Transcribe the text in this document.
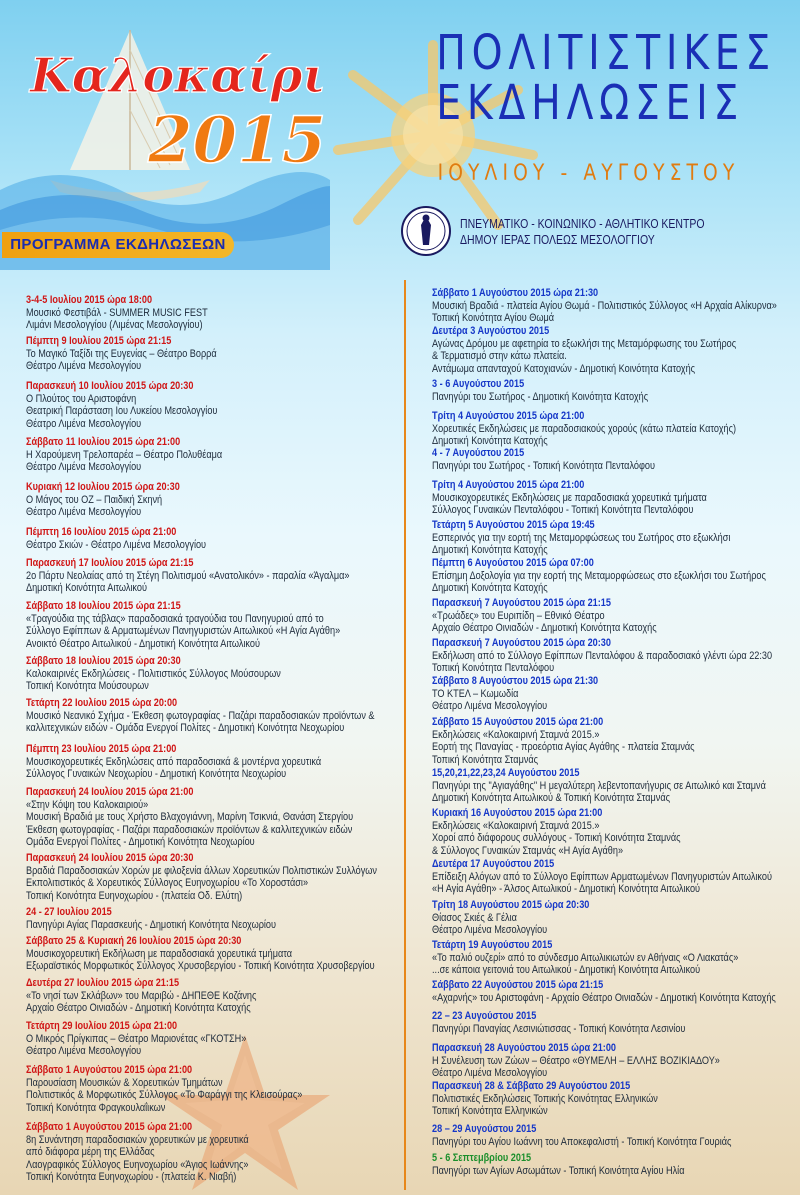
Καλοκαίρι
2015
ΠΟΛΙΤΙΣΤΙΚΕΣ
ΕΚΔΗΛΩΣΕΙΣ
ΙΟΥΛΙΟΥ - ΑΥΓΟΥΣΤΟΥ
ΠΝΕΥΜΑΤΙΚΟ - ΚΟΙΝΩΝΙΚΟ - ΑΘΛΗΤΙΚΟ ΚΕΝΤΡΟ
ΔΗΜΟΥ ΙΕΡΑΣ ΠΟΛΕΩΣ ΜΕΣΟΛΟΓΓΙΟΥ
ΠΡΟΓΡΑΜΜΑ ΕΚΔΗΛΩΣΕΩΝ
3-4-5 Ιουλίου 2015 ώρα 18:00
Μουσικό Φεστιβάλ - SUMMER MUSIC FEST
Λιμάνι Μεσολογγίου (Λιμένας Μεσολογγίου)
Πέμπτη 9 Ιουλίου 2015 ώρα 21:15
Το Μαγικό Ταξίδι της Ευγενίας – Θέατρο Βορρά
Θέατρο Λιμένα Μεσολογγίου
Παρασκευή 10 Ιουλίου 2015 ώρα 20:30
Ο Πλούτος του Αριστοφάνη
Θεατρική Παράσταση Ιου Λυκείου Μεσολογγίου
Θέατρο Λιμένα Μεσολογγίου
Σάββατο 11 Ιουλίου 2015 ώρα 21:00
Η Χαρούμενη Τρελοπαρέα – Θέατρο Πολυθέαμα
Θέατρο Λιμένα Μεσολογγίου
Κυριακή 12 Ιουλίου 2015 ώρα 20:30
Ο Μάγος του ΟΖ – Παιδική Σκηνή
Θέατρο Λιμένα Μεσολογγίου
Πέμπτη 16 Ιουλίου 2015 ώρα 21:00
Θέατρο Σκιών - Θέατρο Λιμένα Μεσολογγίου
Παρασκευή 17 Ιουλίου 2015 ώρα 21:15
2ο Πάρτυ Νεολαίας από τη Στέγη Πολιτισμού «Ανατολικόν» - παραλία «Άγαλμα»
Δημοτική Κοινότητα Αιτωλικού
Σάββατο 18 Ιουλίου 2015 ώρα 21:15
«Τραγούδια της τάβλας» παραδοσιακά τραγούδια του Πανηγυριού από το
Σύλλογο Εφίππων & Αρματωμένων Πανηγυριστών Αιτωλικού «Η Αγία Αγάθη»
Ανοικτό Θέατρο Αιτωλικού - Δημοτική Κοινότητα Αιτωλικού
Σάββατο 18 Ιουλίου 2015 ώρα 20:30
Καλοκαιρινές Εκδηλώσεις - Πολιτιστικός Σύλλογος Μούσουρων
Τοπική Κοινότητα Μούσουρων
Τετάρτη 22 Ιουλίου 2015 ώρα 20:00
Μουσικό Νεανικό Σχήμα - Έκθεση φωτογραφίας - Παζάρι παραδοσιακών προϊόντων &
καλλιτεχνικών ειδών - Ομάδα Ενεργοί Πολίτες - Δημοτική Κοινότητα Νεοχωρίου
Πέμπτη 23 Ιουλίου 2015 ώρα 21:00
Μουσικοχορευτικές Εκδηλώσεις από παραδοσιακά & μοντέρνα χορευτικά
Σύλλογος Γυναικών Νεοχωρίου - Δημοτική Κοινότητα Νεοχωρίου
Παρασκευή 24 Ιουλίου 2015 ώρα 21:00
«Στην Κόψη του Καλοκαιριού»
Μουσική Βραδιά με τους Χρήστο Βλαχογιάννη, Μαρίνη Τσικνιά, Θανάση Στεργίου
Έκθεση φωτογραφίας - Παζάρι παραδοσιακών προϊόντων & καλλιτεχνικών ειδών
Ομάδα Ενεργοί Πολίτες - Δημοτική Κοινότητα Νεοχωρίου
Παρασκευή 24 Ιουλίου 2015 ώρα 20:30
Βραδιά Παραδοσιακών Χορών με φιλοξενία άλλων Χορευτικών Πολιτιστικών Συλλόγων
Εκπολιτιστικός & Χορευτικός Σύλλογος Ευηνοχωρίου «Το Χοροστάσι»
Τοπική Κοινότητα Ευηνοχωρίου - (πλατεία Οδ. Ελύτη)
24 - 27 Ιουλίου 2015
Πανηγύρι Αγίας Παρασκευής - Δημοτική Κοινότητα Νεοχωρίου
Σάββατο 25 & Κυριακή 26 Ιουλίου 2015 ώρα 20:30
Μουσικοχορευτική Εκδήλωση με παραδοσιακά χορευτικά τμήματα
Εξωραϊστικός Μορφωτικός Σύλλογος Χρυσοβεργίου - Τοπική Κοινότητα Χρυσοβεργίου
Δευτέρα 27 Ιουλίου 2015 ώρα 21:15
«Το νησί των Σκλάβων» του Μαριβώ - ΔΗΠΕΘΕ Κοζάνης
Αρχαίο Θέατρο Οινιαδών - Δημοτική Κοινότητα Κατοχής
Τετάρτη 29 Ιουλίου 2015 ώρα 21:00
Ο Μικρός Πρίγκιπας – Θέατρο Μαριονέτας «ΓΚΟΤΣΗ»
Θέατρο Λιμένα Μεσολογγίου
Σάββατο 1 Αυγούστου 2015 ώρα 21:00
Παρουσίαση Μουσικών & Χορευτικών Τμημάτων
Πολιτιστικός & Μορφωτικός Σύλλογος «Το Φαράγγι της Κλεισούρας»
Τοπική Κοινότητα Φραγκουλαΐικων
Σάββατο 1 Αυγούστου 2015 ώρα 21:00
8η Συνάντηση παραδοσιακών χορευτικών με χορευτικά
από διάφορα μέρη της Ελλάδας
Λαογραφικός Σύλλογος Ευηνοχωρίου «Άγιος Ιωάννης»
Τοπική Κοινότητα Ευηνοχωρίου - (πλατεία Κ. Νιαβή)
Σάββατο 1 Αυγούστου 2015 ώρα 21:30
Μουσική Βραδιά - πλατεία Αγίου Θωμά - Πολιτιστικός Σύλλογος «Η Αρχαία Αλίκυρνα»
Τοπική Κοινότητα Αγίου Θωμά
Δευτέρα 3 Αυγούστου 2015
Αγώνας Δρόμου με αφετηρία το εξωκλήσι της Μεταμόρφωσης του Σωτήρος
& Τερματισμό στην κάτω πλατεία.
Αντάμωμα απανταχού Κατοχιανών - Δημοτική Κοινότητα Κατοχής
3 - 6 Αυγούστου 2015
Πανηγύρι του Σωτήρος - Δημοτική Κοινότητα Κατοχής
Τρίτη 4 Αυγούστου 2015 ώρα 21:00
Χορευτικές Εκδηλώσεις με παραδοσιακούς χορούς (κάτω πλατεία Κατοχής)
Δημοτική Κοινότητα Κατοχής
4 - 7 Αυγούστου 2015
Πανηγύρι του Σωτήρος - Τοπική Κοινότητα Πενταλόφου
Τρίτη 4 Αυγούστου 2015 ώρα 21:00
Μουσικοχορευτικές Εκδηλώσεις με παραδοσιακά χορευτικά τμήματα
Σύλλογος Γυναικών Πενταλόφου - Τοπική Κοινότητα Πενταλόφου
Τετάρτη 5 Αυγούστου 2015 ώρα 19:45
Εσπερινός για την εορτή της Μεταμορφώσεως του Σωτήρος στο εξωκλήσι
Δημοτική Κοινότητα Κατοχής
Πέμπτη 6 Αυγούστου 2015 ώρα 07:00
Επίσημη Δοξολογία για την εορτή της Μεταμορφώσεως στο εξωκλήσι του Σωτήρος
Δημοτική Κοινότητα Κατοχής
Παρασκευή 7 Αυγούστου 2015 ώρα 21:15
«Τρωάδες» του Ευριπίδη – Εθνικό Θέατρο
Αρχαίο Θέατρο Οινιαδών - Δημοτική Κοινότητα Κατοχής
Παρασκευή 7 Αυγούστου 2015 ώρα 20:30
Εκδήλωση από το Σύλλογο Εφίππων Πενταλόφου & παραδοσιακό γλέντι ώρα 22:30
Τοπική Κοινότητα Πενταλόφου
Σάββατο 8 Αυγούστου 2015 ώρα 21:30
ΤΟ ΚΤΕΛ – Κωμωδία
Θέατρο Λιμένα Μεσολογγίου
Σάββατο 15 Αυγούστου 2015 ώρα 21:00
Εκδηλώσεις «Καλοκαιρινή Σταμνά 2015.»
Εορτή της Παναγίας - προεόρτια Αγίας Αγάθης - πλατεία Σταμνάς
Τοπική Κοινότητα Σταμνάς
15,20,21,22,23,24 Αυγούστου 2015
Πανηγύρι της "Αγιαγάθης" Η μεγαλύτερη λεβεντοπανήγυρις σε Αιτωλικό και Σταμνά
Δημοτική Κοινότητα Αιτωλικού & Τοπική Κοινότητα Σταμνάς
Κυριακή 16 Αυγούστου 2015 ώρα 21:00
Εκδηλώσεις «Καλοκαιρινή Σταμνά 2015.»
Χοροί από διάφορους συλλόγους - Τοπική Κοινότητα Σταμνάς
& Σύλλογος Γυναικών Σταμνάς «Η Αγία Αγάθη»
Δευτέρα 17 Αυγούστου 2015
Επίδειξη Αλόγων από το Σύλλογο Εφίππων Αρματωμένων Πανηγυριστών Αιτωλικού
«Η Αγία Αγάθη» - Άλσος Αιτωλικού - Δημοτική Κοινότητα Αιτωλικού
Τρίτη 18 Αυγούστου 2015 ώρα 20:30
Θίασος Σκιές & Γέλια
Θέατρο Λιμένα Μεσολογγίου
Τετάρτη 19 Αυγούστου 2015
«Το παλιό ουζερί» από το σύνδεσμο Αιτωλικιωτών εν Αθήναις «Ο Λιακατάς»
...σε κάποια γειτονιά του Αιτωλικού - Δημοτική Κοινότητα Αιτωλικού
Σάββατο 22 Αυγούστου 2015 ώρα 21:15
«Αχαρνής» του Αριστοφάνη - Αρχαίο Θέατρο Οινιαδών - Δημοτική Κοινότητα Κατοχής
22 – 23 Αυγούστου 2015
Πανηγύρι Παναγίας Λεσινιώτισσας - Τοπική Κοινότητα Λεσινίου
Παρασκευή 28 Αυγούστου 2015 ώρα 21:00
Η Συνέλευση των Ζώων – Θέατρο «ΘΥΜΕΛΗ – ΕΛΛΗΣ ΒΟΖΙΚΙΑΔΟΥ»
Θέατρο Λιμένα Μεσολογγίου
Παρασκευή 28 & Σάββατο 29 Αυγούστου 2015
Πολιτιστικές Εκδηλώσεις Τοπικής Κοινότητας Ελληνικών
Τοπική Κοινότητα Ελληνικών
28 – 29 Αυγούστου 2015
Πανηγύρι του Αγίου Ιωάννη του Αποκεφαλιστή - Τοπική Κοινότητα Γουριάς
5 - 6 Σεπτεμβρίου 2015
Πανηγύρι των Αγίων Ασωμάτων - Τοπική Κοινότητα Αγίου Ηλία
